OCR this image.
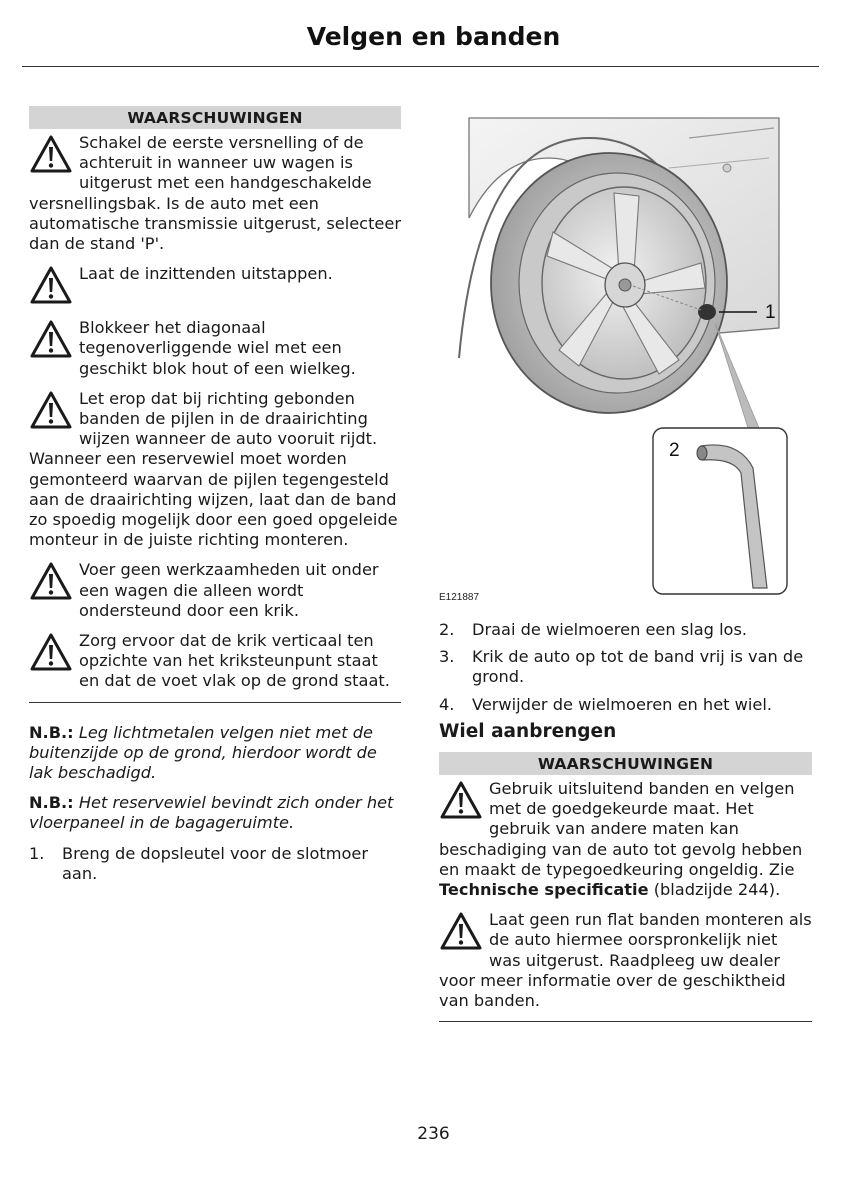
Velgen en banden
WAARSCHUWINGEN

Schakel de eerste versnelling of de achteruit in wanneer uw wagen is uitgerust met een handgeschakelde versnellingsbak. Is de auto met een automatische transmissie uitgerust, selecteer dan de stand 'P'.

Laat de inzittenden uitstappen.

Blokkeer het diagonaal tegenoverliggende wiel met een geschikt blok hout of een wielkeg.

Let erop dat bij richting gebonden banden de pijlen in de draairichting wijzen wanneer de auto vooruit rijdt. Wanneer een reservewiel moet worden gemonteerd waarvan de pijlen tegengesteld aan de draairichting wijzen, laat dan de band zo spoedig mogelijk door een goed opgeleide monteur in de juiste richting monteren.

Voer geen werkzaamheden uit onder een wagen die alleen wordt ondersteund door een krik.

Zorg ervoor dat de krik verticaal ten opzichte van het kriksteunpunt staat en dat de voet vlak op de grond staat.

N.B.: Leg lichtmetalen velgen niet met de buitenzijde op de grond, hierdoor wordt de lak beschadigd.

N.B.: Het reservewiel bevindt zich onder het vloerpaneel in de bagageruimte.

1. Breng de dopsleutel voor de slotmoer aan.
1
2
E121887
2. Draai de wielmoeren een slag los.
3. Krik de auto op tot de band vrij is van de grond.
4. Verwijder de wielmoeren en het wiel.
Wiel aanbrengen
WAARSCHUWINGEN

Gebruik uitsluitend banden en velgen met de goedgekeurde maat. Het gebruik van andere maten kan beschadiging van de auto tot gevolg hebben en maakt de typegoedkeuring ongeldig. Zie Technische specificatie (bladzijde 244).

Laat geen run flat banden monteren als de auto hiermee oorspronkelijk niet was uitgerust. Raadpleeg uw dealer voor meer informatie over de geschiktheid van banden.

236
